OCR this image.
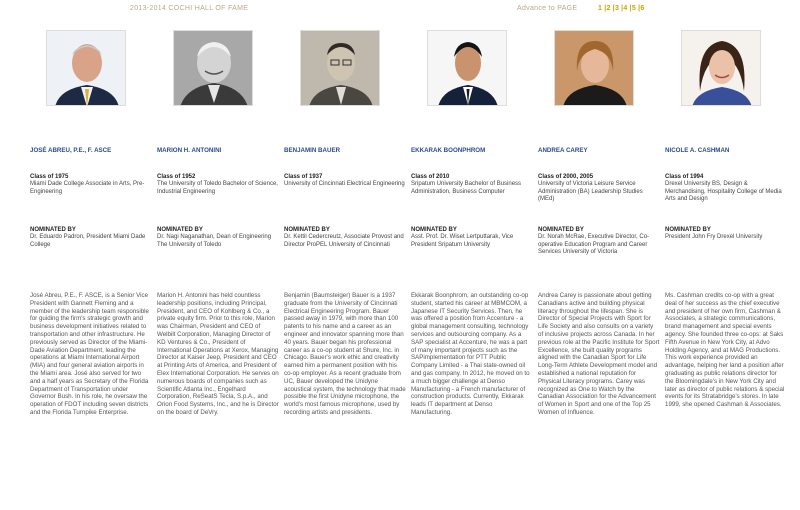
2013-2014 COCHI HALL OF FAME	Advance to PAGE	1 |2 |3 |4 |5 |6
JOSÉ ABREU, P.E., F. ASCE
Class of 1975
Miami Dade College Associate in Arts, Pre-Engineering
NOMINATED BY
Dr. Eduardo Padron, President Miami Dade College
José Abreu, P.E., F. ASCE, is a Senior Vice President with Gannett Fleming and a member of the leadership team responsible for guiding the firm's strategic growth and business development initiatives related to transportation and other infrastructure. He previously served as Director of the Miami-Dade Aviation Department, leading the operations at Miami International Airport (MIA) and four general aviation airports in the Miami area. José also served for two and a half years as Secretary of the Florida Department of Transportation under Governor Bush. In his role, he oversaw the operation of FDOT including seven districts and the Florida Turnpike Enterprise.
MARION H. ANTONINI
Class of 1952
The University of Toledo Bachelor of Science, Industrial Engineering
NOMINATED BY
Dr. Nagi Naganathan, Dean of Engineering The University of Toledo
Marion H. Antonini has held countless leadership positions, including Principal, President, and CEO of Kohlberg & Co., a private equity firm. Prior to this role, Marion was Chairman, President and CEO of Welbilt Corporation, Managing Director of KD Ventures & Co., President of International Operations at Xerox, Managing Director at Kaiser Jeep, President and CEO at Printing Arts of America, and President of Elex International Corporation. He serves on numerous boards of companies such as Scientific Atlanta Inc., Engelhard Corporation, ReSeatS Tecla, S.p.A., and Orion Food Systems, Inc., and he is Director on the board of DeVry.
BENJAMIN BAUER
Class of 1937
University of Cincinnati Electrical Engineering
NOMINATED BY
Dr. Kettil Cedercreutz, Associate Provost and Director ProPEL University of Cincinnati
Benjamin (Baumsteiger) Bauer is a 1937 graduate from the University of Cincinnati Electrical Engineering Program. Bauer passed away in 1979, with more than 100 patents to his name and a career as an engineer and innovator spanning more than 40 years. Bauer began his professional career as a co-op student at Shure, Inc. in Chicago. Bauer's work ethic and creativity earned him a permanent position with his co-op employer. As a recent graduate from UC, Bauer developed the Unidyne acoustical system, the technology that made possible the first Unidyne microphone, the world's most famous microphone, used by recording artists and presidents.
EKKARAK BOONPHROM
Class of 2010
Sripatum University Bachelor of Business Administration, Business Computer
NOMINATED BY
Asst. Prof. Dr. Wiset Lertputtarak, Vice President Sripatum University
Ekkarak Boonphrom, an outstanding co-op student, started his career at MBMCOM, a Japanese IT Security Services. Then, he was offered a position from Accenture - a global management consulting, technology services and outsourcing company. As a SAP specialist at Accenture, he was a part of many important projects such as the SAPimplementation for PTT Public Company Limited - a Thai state-owned oil and gas company. In 2012, he moved on to a much bigger challenge at Denso Manufacturing - a French manufacturer of construction products. Currently, Ekkarak leads IT department at Denso Manufacturing.
ANDREA CAREY
Class of 2000, 2005
University of Victoria Leisure Service Administration (BA) Leadership Studies (MEd)
NOMINATED BY
Dr. Norah McRae, Executive Director, Co-operative Education Program and Career Services University of Victoria
Andrea Carey is passionate about getting Canadians active and building physical literacy throughout the lifespan. She is Director of Special Projects with Sport for Life Society and also consults on a variety of inclusive projects across Canada. In her previous role at the Pacific Institute for Sport Excellence, she built quality programs aligned with the Canadian Sport for Life Long-Term Athlete Development model and established a national reputation for Physical Literacy programs. Carey was recognized as One to Watch by the Canadian Association for the Advancement of Women in Sport and one of the Top 25 Women of Influence.
NICOLE A. CASHMAN
Class of 1994
Drexel University BS, Design & Merchandising, Hospitality College of Media Arts and Design
NOMINATED BY
President John Fry Drexel University
Ms. Cashman credits co-op with a great deal of her success as the chief executive and president of her own firm, Cashman & Associates, a strategic communications, brand management and special events agency. She founded three co-ops: at Saks Fifth Avenue in New York City, at Advo Holding Agency, and at MAG Productions. This work experience provided an advantage, helping her land a position after graduating as public relations director for the Bloomingdale's in New York City and later as director of public relations & special events for its Stratabridge's stores. In late 1999, she opened Cashman & Associates.
